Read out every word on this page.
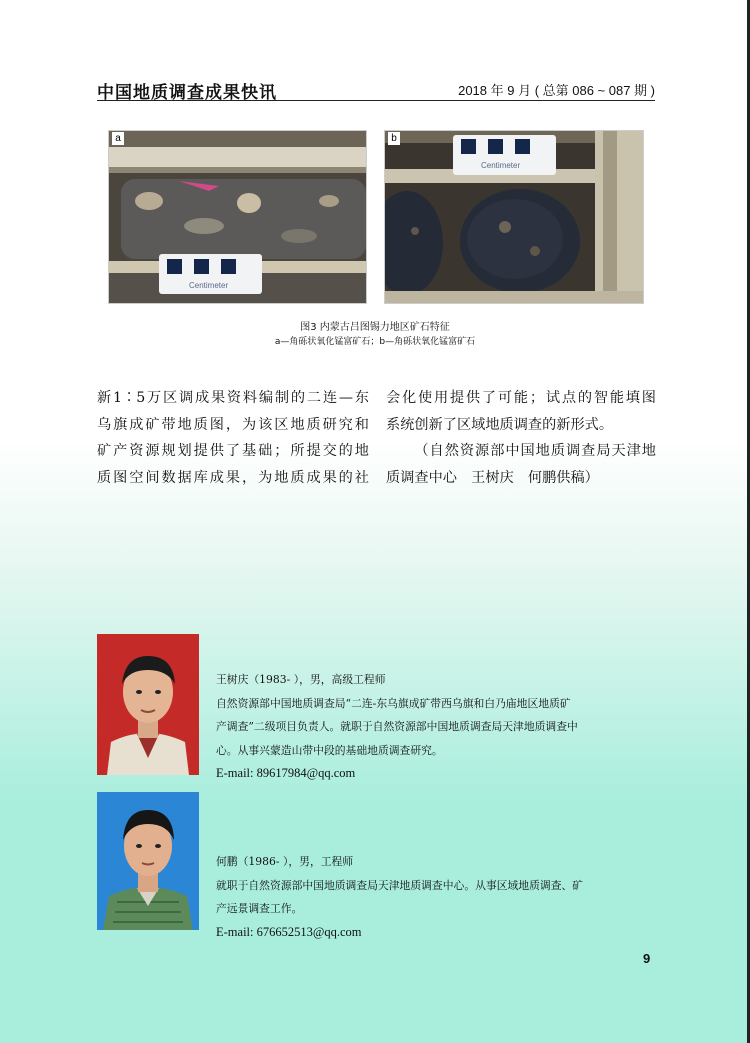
中国地质调查成果快讯	2018 年 9 月 ( 总第 086 ~ 087 期 )
Centimeter
a
Centimeter
b
图3 内蒙古吕图锡力地区矿石特征
a—角砾状氧化锰富矿石；b—角砾状氧化锰富矿石

新1∶5万区调成果资料编制的二连—东

乌旗成矿带地质图，为该区地质研究和

矿产资源规划提供了基础；所提交的地

质图空间数据库成果，为地质成果的社

会化使用提供了可能；试点的智能填图

系统创新了区域地质调查的新形式。

（自然资源部中国地质调查局天津地

质调查中心　王树庆　何鹏供稿）

王树庆（1983- ），男，高级工程师
自然资源部中国地质调查局“二连-东乌旗成矿带西乌旗和白乃庙地区地质矿
产调查”二级项目负责人。就职于自然资源部中国地质调查局天津地质调查中
心。从事兴蒙造山带中段的基础地质调查研究。
E-mail: 89617984@qq.com
何鹏（1986- ），男，工程师
就职于自然资源部中国地质调查局天津地质调查中心。从事区域地质调查、矿
产远景调查工作。
E-mail: 676652513@qq.com
9
